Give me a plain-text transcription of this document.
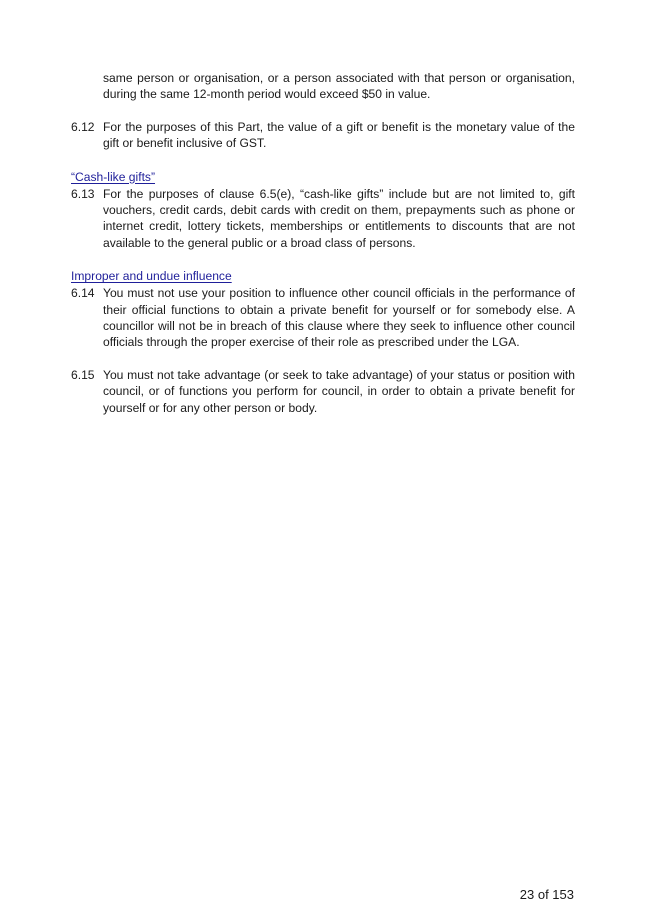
same person or organisation, or a person associated with that person or organisation, during the same 12-month period would exceed $50 in value.
6.12 For the purposes of this Part, the value of a gift or benefit is the monetary value of the gift or benefit inclusive of GST.
“Cash-like gifts”
6.13 For the purposes of clause 6.5(e), “cash-like gifts” include but are not limited to, gift vouchers, credit cards, debit cards with credit on them, prepayments such as phone or internet credit, lottery tickets, memberships or entitlements to discounts that are not available to the general public or a broad class of persons.
Improper and undue influence
6.14 You must not use your position to influence other council officials in the performance of their official functions to obtain a private benefit for yourself or for somebody else. A councillor will not be in breach of this clause where they seek to influence other council officials through the proper exercise of their role as prescribed under the LGA.
6.15 You must not take advantage (or seek to take advantage) of your status or position with council, or of functions you perform for council, in order to obtain a private benefit for yourself or for any other person or body.
23 of 153
